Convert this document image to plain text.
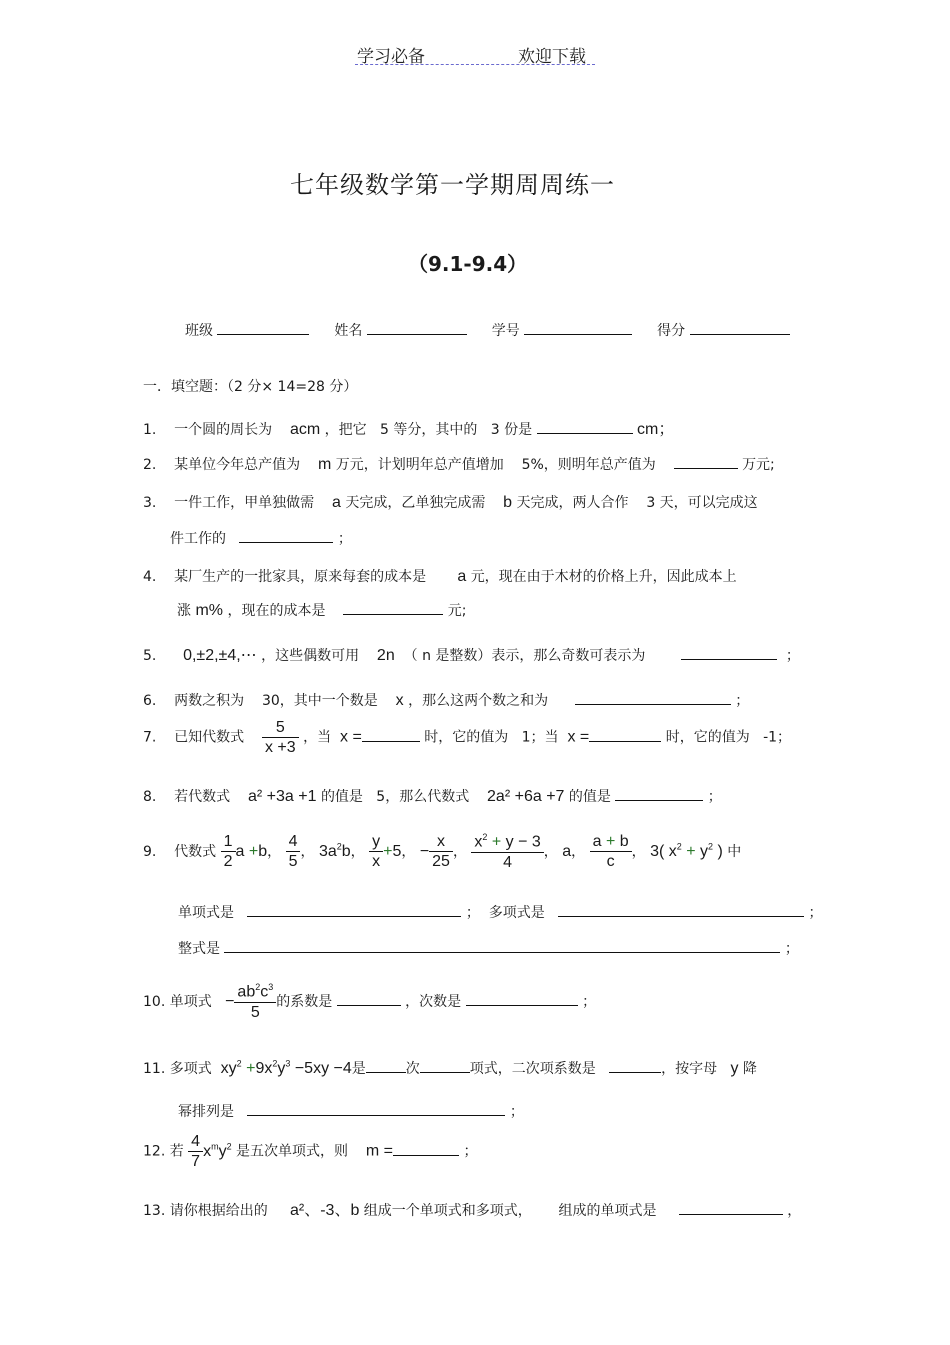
学习必备	欢迎下载
七年级数学第一学期周周练一
（9.1-9.4）
班级	姓名	学号	得分
一．填空题：（2 分× 14=28 分）
1. 一个圆的周长为 acm ，把它 5 等分，其中的 3 份是	cm；
2. 某单位今年总产值为 m 万元，计划明年总产值增加 5%，则明年总产值为	万元;
3. 一件工作，甲单独做需 a 天完成，乙单独完成需 b 天完成，两人合作 3 天，可以完成这
件工作的	；
4. 某厂生产的一批家具，原来每套的成本是 a 元，现在由于木材的价格上升，因此成本上
涨 m% ，现在的成本是	元;
5. 0,±2,±4,⋯ ，这些偶数可用 2n （ n 是整数）表示，那么奇数可表示为	；
6. 两数之积为 30，其中一个数是 x ，那么这两个数之和为	；
7. 已知代数式 $\frac{5}{x +3}$ ，当 x =	时，它的值为 1；当 x =	时，它的值为 -1；
8. 若代数式 a² +3a +1 的值是 5，那么代数式 2a² +6a +7 的值是	；
9. 代数式 $\frac{1}{2}$ a +b， $\frac{4}{5}$ ， $3a^2b$， $\frac{y}{x} +5$， − $\frac{x}{25}$ ， $\frac{x^2 + y - 3}{4}$ ， a， $\frac{a + b}{c}$ ， 3( $x^2 + y^2$ ) 中
单项式是	； 多项式是	；
整式是	；
10. 单项式 − $\frac{ab^2c^3}{5}$ 的系数是	，次数是	；
11. 多项式 $xy^2 +9x^2y^3 -5xy -4$是	次	项式，二次项系数是	，按字母 y 降
幂排列是	；
12. 若 $\frac{4}{7} x^my^2$ 是五次单项式，则 m =	；
13. 请你根据给出的 a²、-3、b 组成一个单项式和多项式， 组成的单项式是	，
